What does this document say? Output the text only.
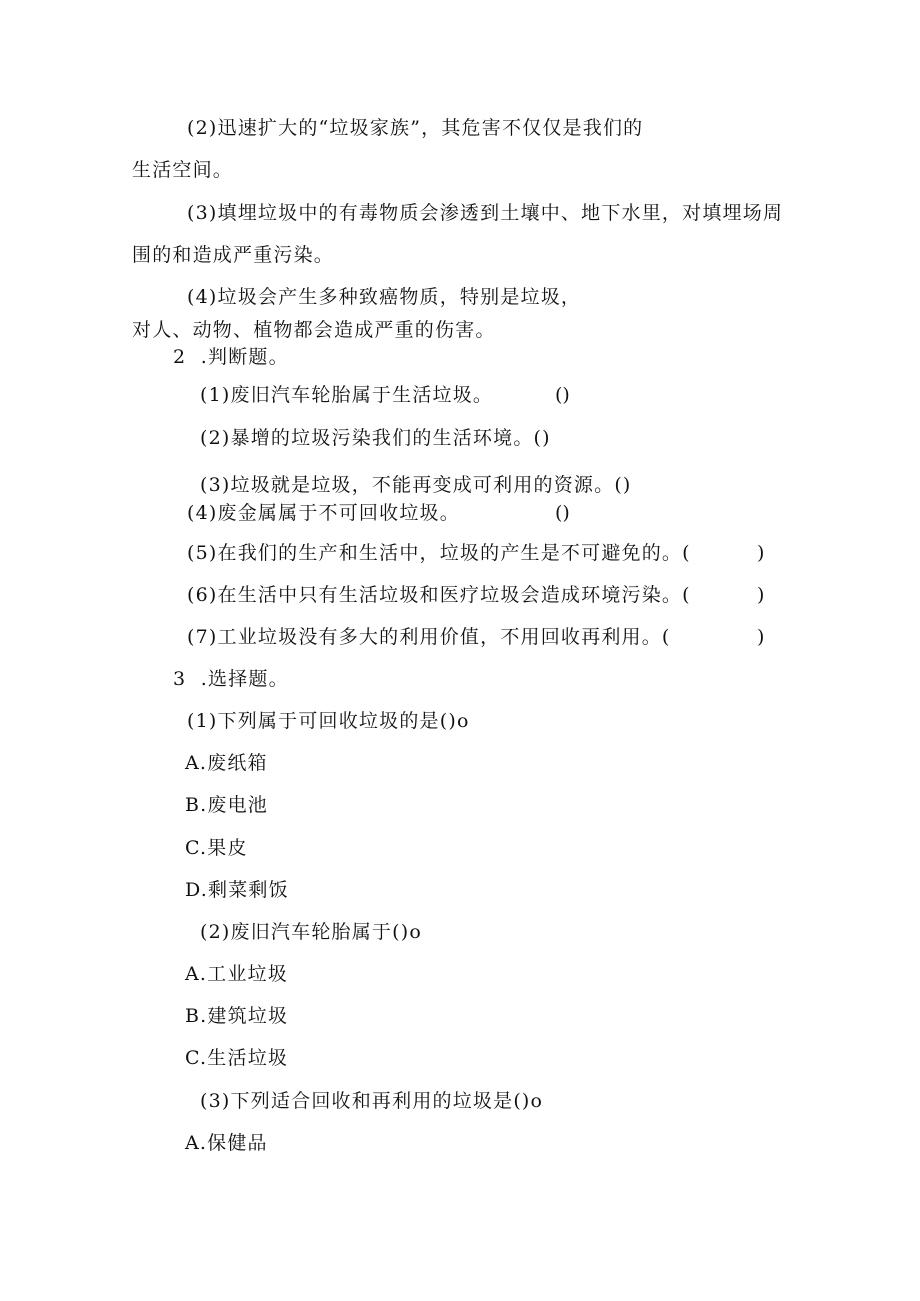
(2)迅速扩大的“垃圾家族”，其危害不仅仅是我们的
生活空间。
(3)填埋垃圾中的有毒物质会渗透到土壤中、地下水里，对填埋场周
围的和造成严重污染。
(4)垃圾会产生多种致癌物质，特别是垃圾，
对人、动物、植物都会造成严重的伤害。
2  .判断题。
(1)废旧汽车轮胎属于生活垃圾。	()
(2)暴增的垃圾污染我们的生活环境。()
(3)垃圾就是垃圾，不能再变成可利用的资源。()
(4)废金属属于不可回收垃圾。	()
(5)在我们的生产和生活中，垃圾的产生是不可避免的。(	)
(6)在生活中只有生活垃圾和医疗垃圾会造成环境污染。(	)
(7)工业垃圾没有多大的利用价值，不用回收再利用。(	)
3  .选择题。
(1)下列属于可回收垃圾的是()o
A.废纸箱
B.废电池
C.果皮
D.剩菜剩饭
(2)废旧汽车轮胎属于()o
A.工业垃圾
B.建筑垃圾
C.生活垃圾
(3)下列适合回收和再利用的垃圾是()o
A.保健品
